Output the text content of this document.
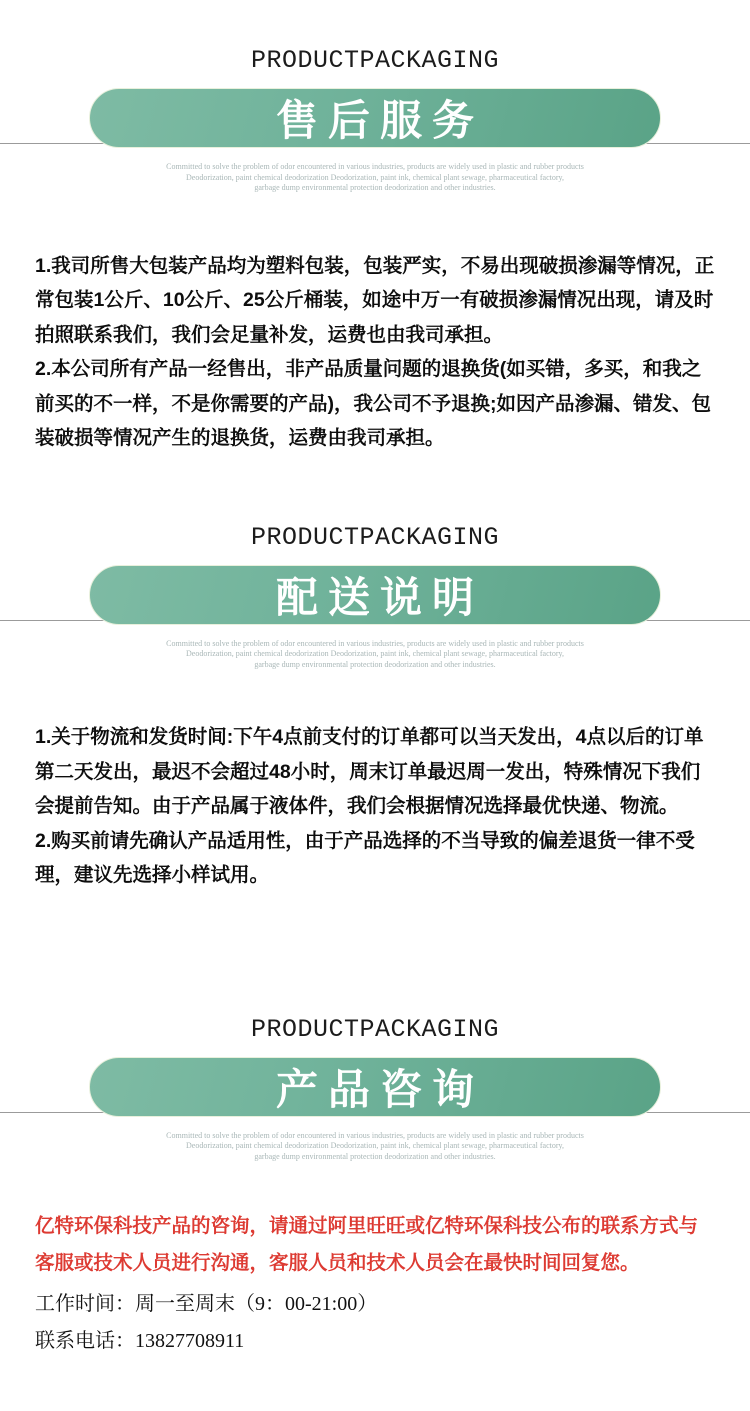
PRODUCTPACKAGING
售后服务
Committed to solve the problem of odor encountered in various industries, products are widely used in plastic and rubber products
Deodorization, paint chemical deodorization Deodorization, paint ink, chemical plant sewage, pharmaceutical factory,
garbage dump environmental protection deodorization and other industries.

1.我司所售大包装产品均为塑料包装，包装严实，不易出现破损渗漏等情况，正常包装1公斤、10公斤、25公斤桶装，如途中万一有破损渗漏情况出现，请及时拍照联系我们，我们会足量补发，运费也由我司承担。

2.本公司所有产品一经售出，非产品质量问题的退换货(如买错，多买，和我之前买的不一样，不是你需要的产品)，我公司不予退换;如因产品渗漏、错发、包装破损等情况产生的退换货，运费由我司承担。

PRODUCTPACKAGING
配送说明
Committed to solve the problem of odor encountered in various industries, products are widely used in plastic and rubber products
Deodorization, paint chemical deodorization Deodorization, paint ink, chemical plant sewage, pharmaceutical factory,
garbage dump environmental protection deodorization and other industries.

1.关于物流和发货时间:下午4点前支付的订单都可以当天发出，4点以后的订单第二天发出，最迟不会超过48小时，周末订单最迟周一发出，特殊情况下我们会提前告知。由于产品属于液体件，我们会根据情况选择最优快递、物流。

2.购买前请先确认产品适用性，由于产品选择的不当导致的偏差退货一律不受理，建议先选择小样试用。

PRODUCTPACKAGING
产品咨询
Committed to solve the problem of odor encountered in various industries, products are widely used in plastic and rubber products
Deodorization, paint chemical deodorization Deodorization, paint ink, chemical plant sewage, pharmaceutical factory,
garbage dump environmental protection deodorization and other industries.

亿特环保科技产品的咨询，请通过阿里旺旺或亿特环保科技公布的联系方式与客服或技术人员进行沟通，客服人员和技术人员会在最快时间回复您。

工作时间：周一至周末（9：00-21:00）

联系电话：13827708911
